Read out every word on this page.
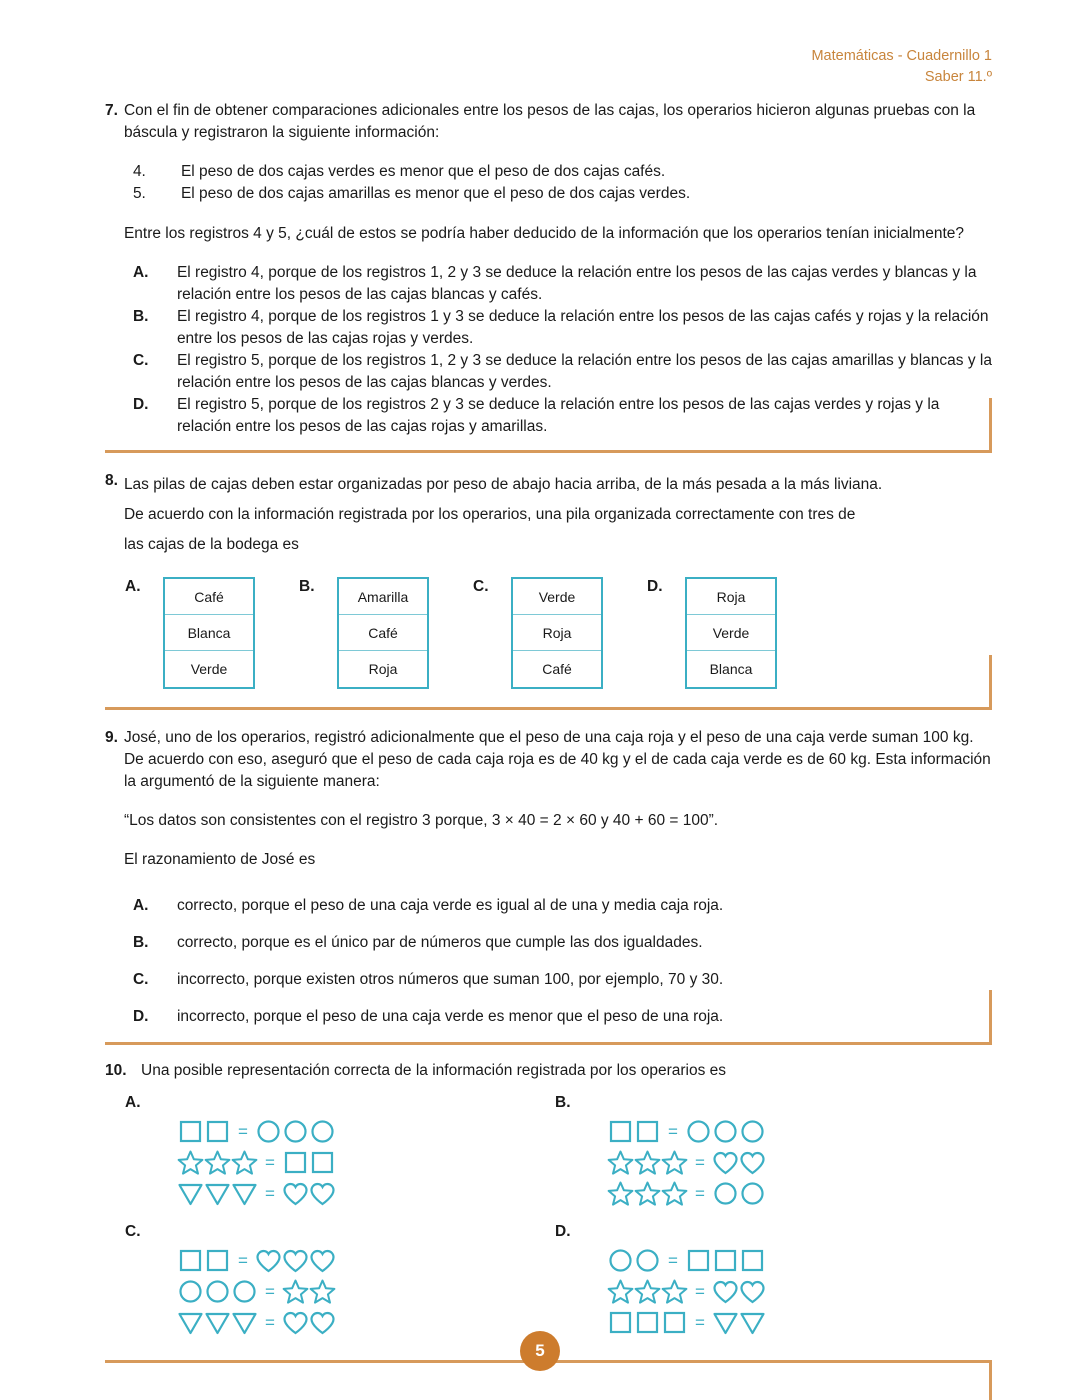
Matemáticas - Cuadernillo 1
Saber 11.º
7. Con el fin de obtener comparaciones adicionales entre los pesos de las cajas, los operarios hicieron algunas pruebas con la báscula y registraron la siguiente información:

4.	El peso de dos cajas verdes es menor que el peso de dos cajas cafés.
5.	El peso de dos cajas amarillas es menor que el peso de dos cajas verdes.

Entre los registros 4 y 5, ¿cuál de estos se podría haber deducido de la información que los operarios tenían inicialmente?

A.	El registro 4, porque de los registros 1, 2 y 3 se deduce la relación entre los pesos de las cajas verdes y blancas y la relación entre los pesos de las cajas blancas y cafés.
B.	El registro 4, porque de los registros 1 y 3 se deduce la relación entre los pesos de las cajas cafés y rojas y la relación entre los pesos de las cajas rojas y verdes.
C.	El registro 5, porque de los registros 1, 2 y 3 se deduce la relación entre los pesos de las cajas amarillas y blancas y la relación entre los pesos de las cajas blancas y verdes.
D.	El registro 5, porque de los registros 2 y 3 se deduce la relación entre los pesos de las cajas verdes y rojas y la relación entre los pesos de las cajas rojas y amarillas.
8. Las pilas de cajas deben estar organizadas por peso de abajo hacia arriba, de la más pesada a la más liviana.
De acuerdo con la información registrada por los operarios, una pila organizada correctamente con tres de
las cajas de la bodega es
A.
Café
Blanca
Verde
B.
Amarilla
Café
Roja
C.
Verde
Roja
Café
D.
Roja
Verde
Blanca
9. José, uno de los operarios, registró adicionalmente que el peso de una caja roja y el peso de una caja verde suman 100 kg. De acuerdo con eso, aseguró que el peso de cada caja roja es de 40 kg y el de cada caja verde es de 60 kg. Esta información la argumentó de la siguiente manera:

“Los datos son consistentes con el registro 3 porque, 3 × 40 = 2 × 60 y 40 + 60 = 100”.

El razonamiento de José es

A.	correcto, porque el peso de una caja verde es igual al de una y media caja roja.
B.	correcto, porque es el único par de números que cumple las dos igualdades.
C.	incorrecto, porque existen otros números que suman 100, por ejemplo, 70 y 30.
D.	incorrecto, porque el peso de una caja verde es menor que el peso de una roja.
10. Una posible representación correcta de la información registrada por los operarios es

A.
=
=
=
B.
=
=
=
C.
=
=
=
D.
=
=
=
5
